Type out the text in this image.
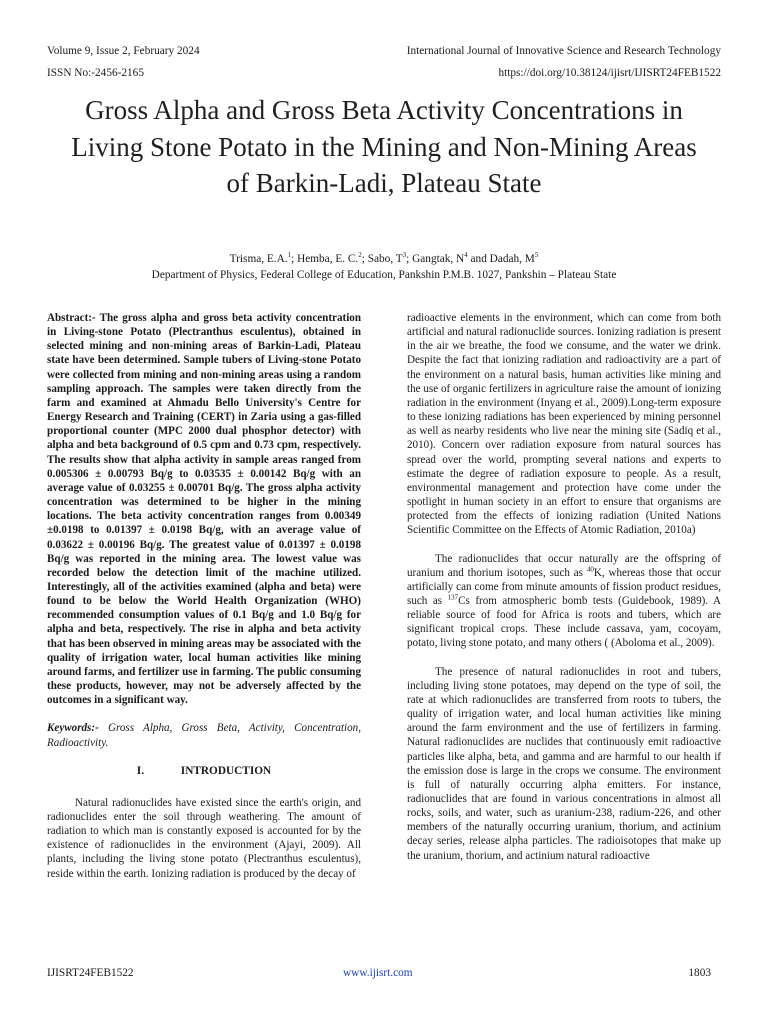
Volume 9, Issue 2, February 2024	International Journal of Innovative Science and Research Technology
ISSN No:-2456-2165	https://doi.org/10.38124/ijisrt/IJISRT24FEB1522
Gross Alpha and Gross Beta Activity Concentrations in Living Stone Potato in the Mining and Non-Mining Areas of Barkin-Ladi, Plateau State
Trisma, E.A.$^1$; Hemba, E. C.$^2$; Sabo, $T^3$; Gangtak, $N^4$ and Dadah, $M^5$
Department of Physics, Federal College of Education, Pankshin P.M.B. 1027, Pankshin – Plateau State

Abstract:- The gross alpha and gross beta activity concentration in Living-stone Potato (Plectranthus esculentus), obtained in selected mining and non-mining areas of Barkin-Ladi, Plateau state have been determined. Sample tubers of Living-stone Potato were collected from mining and non-mining areas using a random sampling approach. The samples were taken directly from the farm and examined at Ahmadu Bello University's Centre for Energy Research and Training (CERT) in Zaria using a gas-filled proportional counter (MPC 2000 dual phosphor detector) with alpha and beta background of 0.5 cpm and 0.73 cpm, respectively. The results show that alpha activity in sample areas ranged from 0.005306 ± 0.00793 Bq/g to 0.03535 ± 0.00142 Bq/g with an average value of 0.03255 ± 0.00701 Bq/g. The gross alpha activity concentration was determined to be higher in the mining locations. The beta activity concentration ranges from 0.00349 ±0.0198 to 0.01397 ± 0.0198 Bq/g, with an average value of 0.03622 ± 0.00196 Bq/g. The greatest value of 0.01397 ± 0.0198 Bq/g was reported in the mining area. The lowest value was recorded below the detection limit of the machine utilized. Interestingly, all of the activities examined (alpha and beta) were found to be below the World Health Organization (WHO) recommended consumption values of 0.1 Bq/g and 1.0 Bq/g for alpha and beta, respectively. The rise in alpha and beta activity that has been observed in mining areas may be associated with the quality of irrigation water, local human activities like mining around farms, and fertilizer use in farming. The public consuming these products, however, may not be adversely affected by the outcomes in a significant way.

Keywords:- Gross Alpha, Gross Beta, Activity, Concentration, Radioactivity.

I.	INTRODUCTION

Natural radionuclides have existed since the earth's origin, and radionuclides enter the soil through weathering. The amount of radiation to which man is constantly exposed is accounted for by the existence of radionuclides in the environment (Ajayi, 2009). All plants, including the living stone potato (Plectranthus esculentus), reside within the earth. Ionizing radiation is produced by the decay of

radioactive elements in the environment, which can come from both artificial and natural radionuclide sources. Ionizing radiation is present in the air we breathe, the food we consume, and the water we drink. Despite the fact that ionizing radiation and radioactivity are a part of the environment on a natural basis, human activities like mining and the use of organic fertilizers in agriculture raise the amount of ionizing radiation in the environment (Inyang et al., 2009).Long-term exposure to these ionizing radiations has been experienced by mining personnel as well as nearby residents who live near the mining site (Sadiq et al., 2010). Concern over radiation exposure from natural sources has spread over the world, prompting several nations and experts to estimate the degree of radiation exposure to people. As a result, environmental management and protection have come under the spotlight in human society in an effort to ensure that organisms are protected from the effects of ionizing radiation (United Nations Scientific Committee on the Effects of Atomic Radiation, 2010a)

The radionuclides that occur naturally are the offspring of uranium and thorium isotopes, such as $^{40}$K, whereas those that occur artificially can come from minute amounts of fission product residues, such as $^{137}$Cs from atmospheric bomb tests (Guidebook, 1989). A reliable source of food for Africa is roots and tubers, which are significant tropical crops. These include cassava, yam, cocoyam, potato, living stone potato, and many others ( (Aboloma et al., 2009).

The presence of natural radionuclides in root and tubers, including living stone potatoes, may depend on the type of soil, the rate at which radionuclides are transferred from roots to tubers, the quality of irrigation water, and local human activities like mining around the farm environment and the use of fertilizers in farming. Natural radionuclides are nuclides that continuously emit radioactive particles like alpha, beta, and gamma and are harmful to our health if the emission dose is large in the crops we consume. The environment is full of naturally occurring alpha emitters. For instance, radionuclides that are found in various concentrations in almost all rocks, soils, and water, such as uranium-238, radium-226, and other members of the naturally occurring uranium, thorium, and actinium decay series, release alpha particles. The radioisotopes that make up the uranium, thorium, and actinium natural radioactive

IJISRT24FEB1522	www.ijisrt.com	1803
